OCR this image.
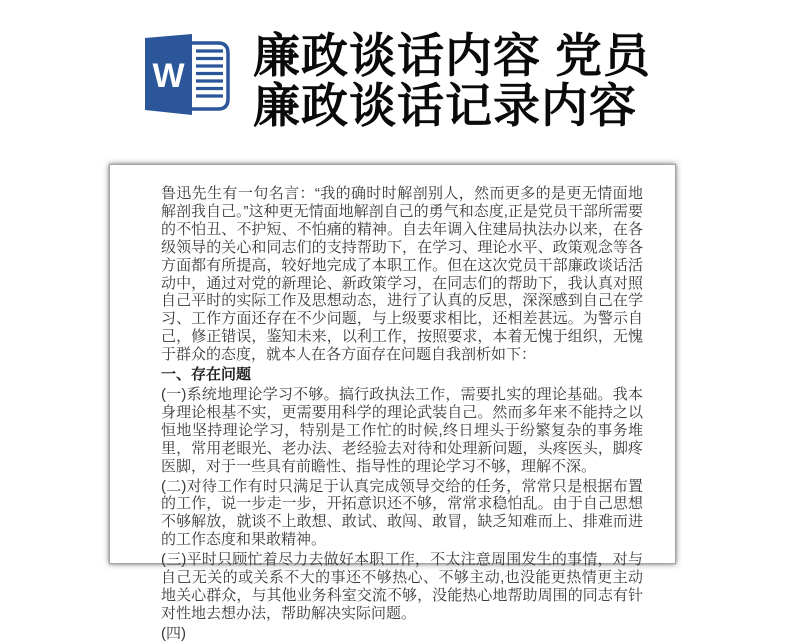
W 廉政谈话内容 党员
廉政谈话记录内容

鲁迅先生有一句名言：“我的确时时解剖别人，然而更多的是更无情面地解剖我自己。”这种更无情面地解剖自己的勇气和态度,正是党员干部所需要的不怕丑、不护短、不怕痛的精神。自去年调入住建局执法办以来，在各级领导的关心和同志们的支持帮助下，在学习、理论水平、政策观念等各方面都有所提高，较好地完成了本职工作。但在这次党员干部廉政谈话活动中，通过对党的新理论、新政策学习，在同志们的帮助下，我认真对照自己平时的实际工作及思想动态，进行了认真的反思，深深感到自己在学习、工作方面还存在不少问题，与上级要求相比，还相差甚远。为警示自己，修正错误，鉴知未来，以利工作，按照要求，本着无愧于组织，无愧于群众的态度，就本人在各方面存在问题自我剖析如下：

一、存在问题

(一)系统地理论学习不够。搞行政执法工作，需要扎实的理论基础。我本身理论根基不实，更需要用科学的理论武装自己。然而多年来不能持之以恒地坚持理论学习，特别是工作忙的时候,终日埋头于纷繁复杂的事务堆里，常用老眼光、老办法、老经验去对待和处理新问题，头疼医头，脚疼医脚，对于一些具有前瞻性、指导性的理论学习不够，理解不深。

(二)对待工作有时只满足于认真完成领导交给的任务，常常只是根据布置的工作，说一步走一步，开拓意识还不够，常常求稳怕乱。由于自己思想不够解放，就谈不上敢想、敢试、敢闯、敢冒，缺乏知难而上、排难而进的工作态度和果敢精神。

(三)平时只顾忙着尽力去做好本职工作，不太注意周围发生的事情，对与自己无关的或关系不大的事还不够热心、不够主动,也没能更热情更主动地关心群众，与其他业务科室交流不够，没能热心地帮助周围的同志有针对性地去想办法，帮助解决实际问题。

(四)
